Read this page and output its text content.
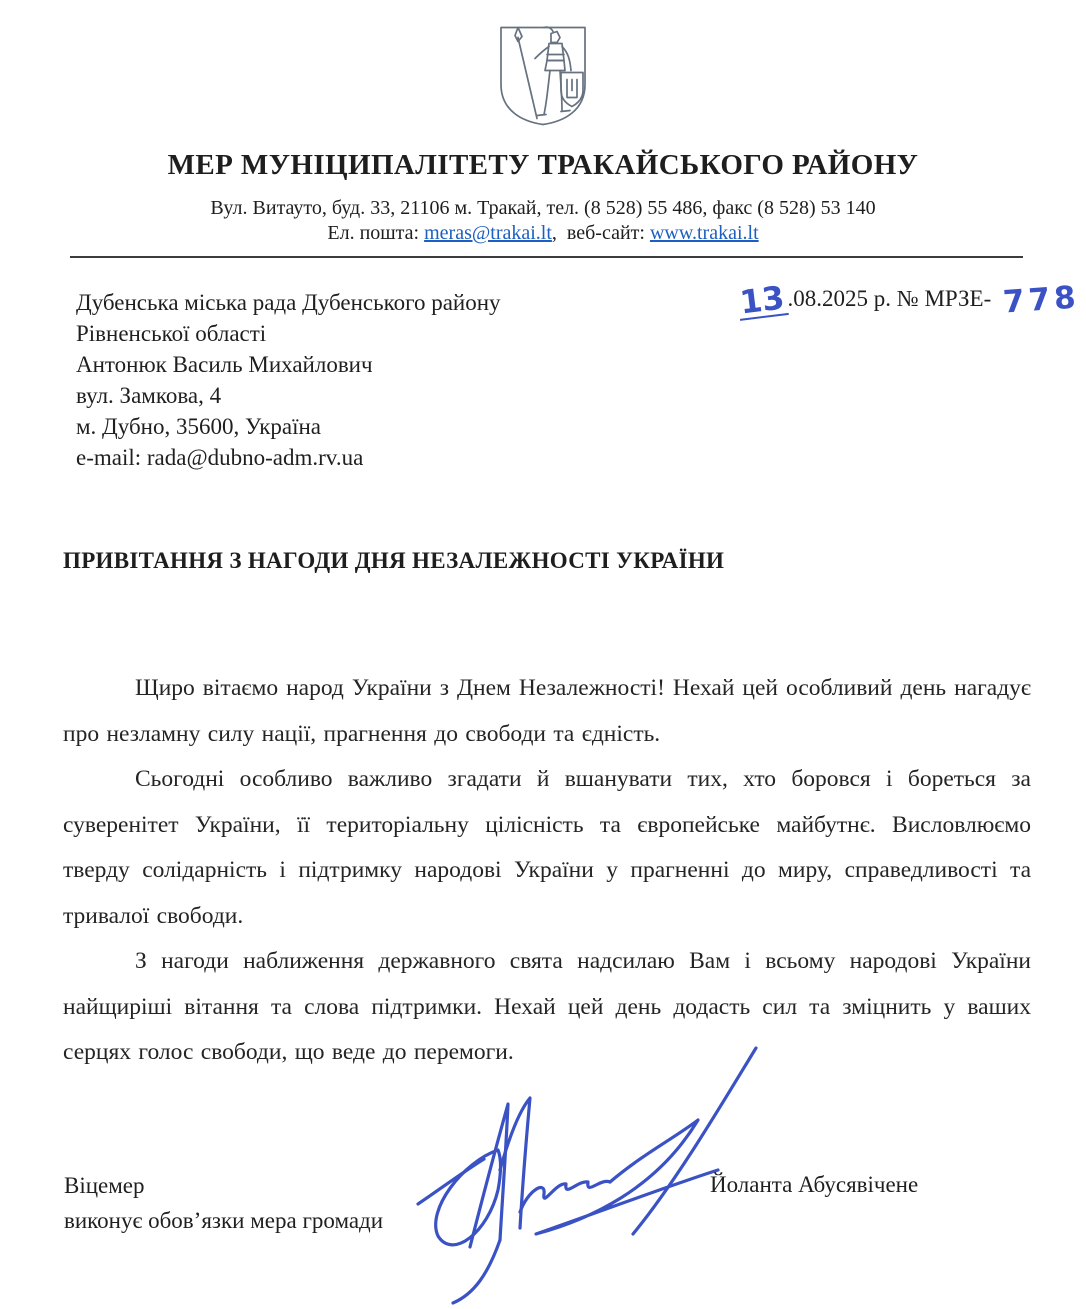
МЕР МУНІЦИПАЛІТЕТУ ТРАКАЙСЬКОГО РАЙОНУ

Вул. Витауто, буд. 33, 21106 м. Тракай, тел. (8 528) 55 486, факс (8 528) 53 140

Ел. пошта: meras@trakai.lt, веб-сайт: www.trakai.lt

Дубенська міська рада Дубенського району
Рівненської області
Антонюк Василь Михайлович
вул. Замкова, 4
м. Дубно, 35600, Україна
e-mail: rada@dubno-adm.rv.ua
13.08.2025 р. № МРЗЕ- 778
ПРИВІТАННЯ З НАГОДИ ДНЯ НЕЗАЛЕЖНОСТІ УКРАЇНИ

Щиро вітаємо народ України з Днем Незалежності! Нехай цей особливий день нагадує про незламну силу нації, прагнення до свободи та єдність.

Сьогодні особливо важливо згадати й вшанувати тих, хто боровся і бореться за суверенітет України, її територіальну цілісність та європейське майбутнє. Висловлюємо тверду солідарність і підтримку народові України у прагненні до миру, справедливості та тривалої свободи.

З нагоди наближення державного свята надсилаю Вам і всьому народові України найщиріші вітання та слова підтримки. Нехай цей день додасть сил та зміцнить у ваших серцях голос свободи, що веде до перемоги.

Віцемер
виконує обов’язки мера громади
Йоланта Абусявічене
